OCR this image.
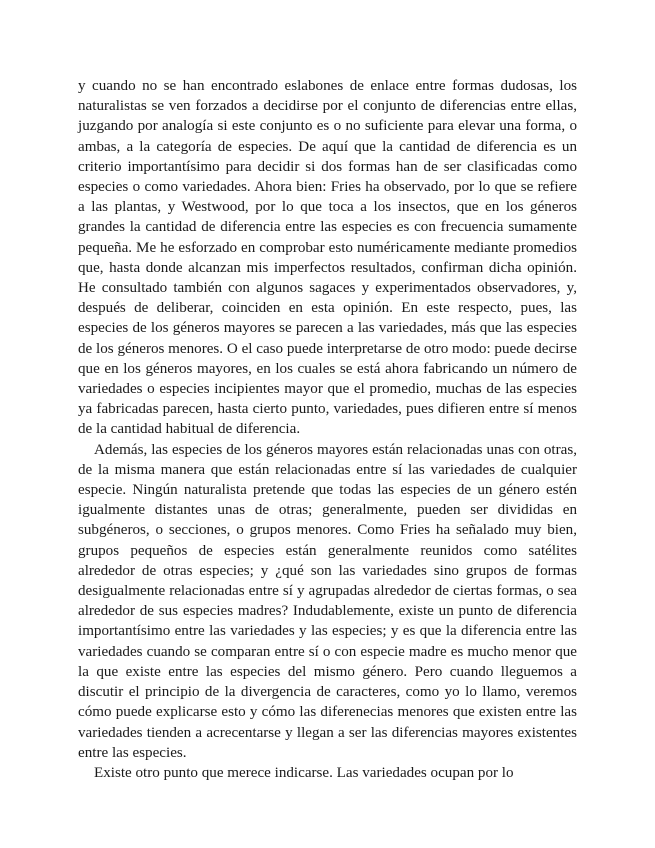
y cuando no se han encontrado eslabones de enlace entre formas dudosas, los naturalistas se ven forzados a decidirse por el conjunto de diferencias entre ellas, juzgando por analogía si este conjunto es o no suficiente para elevar una forma, o ambas, a la categoría de especies. De aquí que la cantidad de diferencia es un criterio importantísimo para decidir si dos formas han de ser clasificadas como especies o como variedades. Ahora bien: Fries ha observado, por lo que se refiere a las plantas, y Westwood, por lo que toca a los insectos, que en los géneros grandes la cantidad de diferencia entre las especies es con frecuencia sumamente pequeña. Me he esforzado en comprobar esto numéricamente mediante promedios que, hasta donde alcanzan mis imperfectos resultados, confirman dicha opinión. He consultado también con algunos sagaces y experimentados observadores, y, después de deliberar, coinciden en esta opinión. En este respecto, pues, las especies de los géneros mayores se parecen a las variedades, más que las especies de los géneros menores. O el caso puede interpretarse de otro modo: puede decirse que en los géneros mayores, en los cuales se está ahora fabricando un número de variedades o especies incipientes mayor que el promedio, muchas de las especies ya fabricadas parecen, hasta cierto punto, variedades, pues difieren entre sí menos de la cantidad habitual de diferencia.

Además, las especies de los géneros mayores están relacionadas unas con otras, de la misma manera que están relacionadas entre sí las variedades de cualquier especie. Ningún naturalista pretende que todas las especies de un género estén igualmente distantes unas de otras; generalmente, pueden ser divididas en subgéneros, o secciones, o grupos menores. Como Fries ha señalado muy bien, grupos pequeños de especies están generalmente reunidos como satélites alrededor de otras especies; y ¿qué son las variedades sino grupos de formas desigualmente relacionadas entre sí y agrupadas alrededor de ciertas formas, o sea alrededor de sus especies madres? Indudablemente, existe un punto de diferencia importantísimo entre las variedades y las especies; y es que la diferencia entre las variedades cuando se comparan entre sí o con especie madre es mucho menor que la que existe entre las especies del mismo género. Pero cuando lleguemos a discutir el principio de la divergencia de caracteres, como yo lo llamo, veremos cómo puede explicarse esto y cómo las diferenecias menores que existen entre las variedades tienden a acrecentarse y llegan a ser las diferencias mayores existentes entre las especies.

Existe otro punto que merece indicarse. Las variedades ocupan por lo
